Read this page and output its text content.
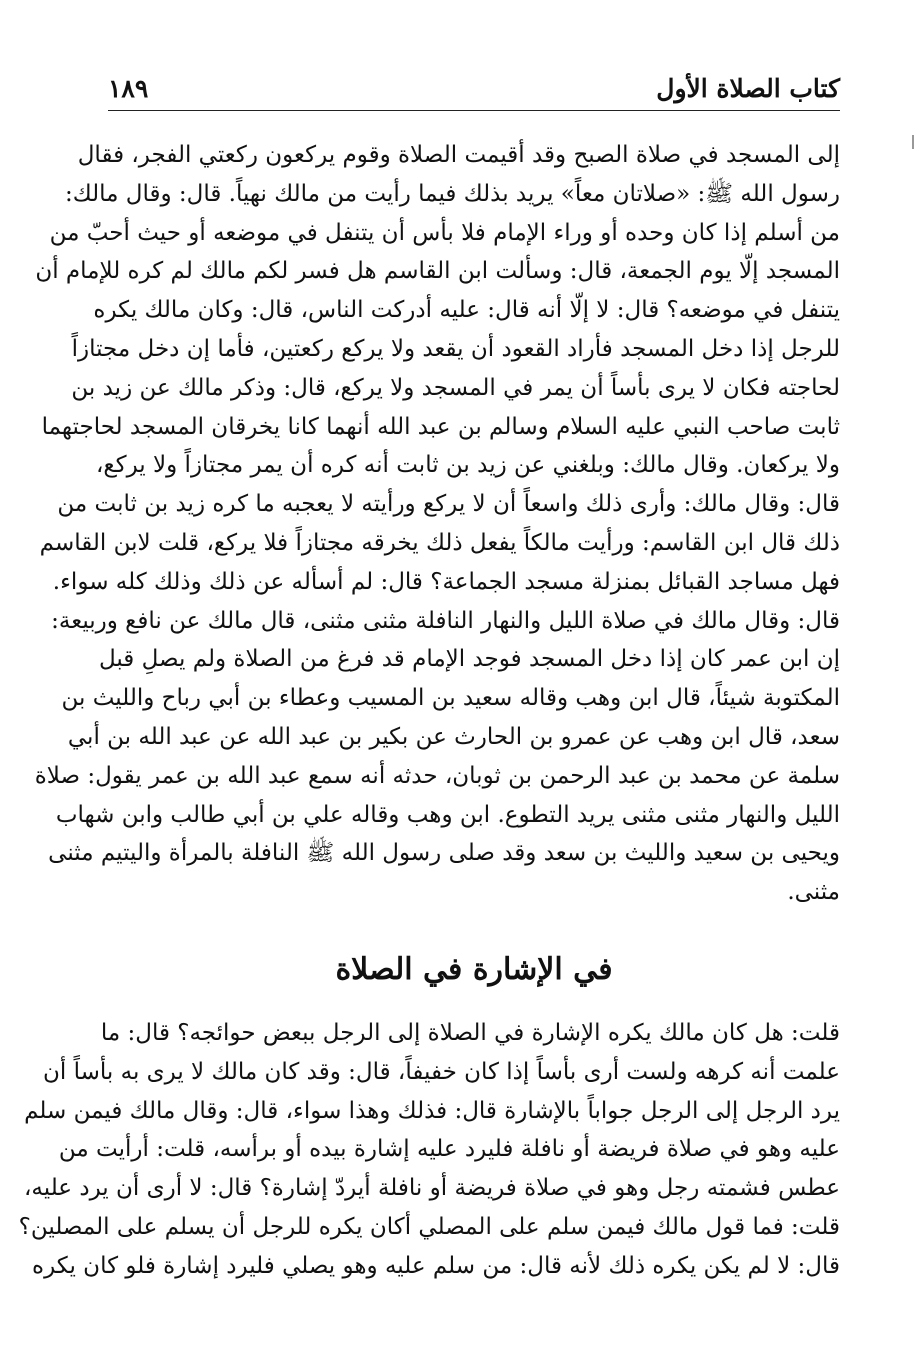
كتاب الصلاة الأول
١٨٩
إلى المسجد في صلاة الصبح وقد أقيمت الصلاة وقوم يركعون ركعتي الفجر، فقال
رسول الله ﷺ: «صلاتان معاً» يريد بذلك فيما رأيت من مالك نهياً. قال: وقال مالك:
من أسلم إذا كان وحده أو وراء الإمام فلا بأس أن يتنفل في موضعه أو حيث أحبّ من
المسجد إلّا يوم الجمعة، قال: وسألت ابن القاسم هل فسر لكم مالك لم كره للإمام أن
يتنفل في موضعه؟ قال: لا إلّا أنه قال: عليه أدركت الناس، قال: وكان مالك يكره
للرجل إذا دخل المسجد فأراد القعود أن يقعد ولا يركع ركعتين، فأما إن دخل مجتازاً
لحاجته فكان لا يرى بأساً أن يمر في المسجد ولا يركع، قال: وذكر مالك عن زيد بن
ثابت صاحب النبي عليه السلام وسالم بن عبد الله أنهما كانا يخرقان المسجد لحاجتهما
ولا يركعان. وقال مالك: وبلغني عن زيد بن ثابت أنه كره أن يمر مجتازاً ولا يركع،
قال: وقال مالك: وأرى ذلك واسعاً أن لا يركع ورأيته لا يعجبه ما كره زيد بن ثابت من
ذلك قال ابن القاسم: ورأيت مالكاً يفعل ذلك يخرقه مجتازاً فلا يركع، قلت لابن القاسم
فهل مساجد القبائل بمنزلة مسجد الجماعة؟ قال: لم أسأله عن ذلك وذلك كله سواء.
قال: وقال مالك في صلاة الليل والنهار النافلة مثنى مثنى، قال مالك عن نافع وربيعة:
إن ابن عمر كان إذا دخل المسجد فوجد الإمام قد فرغ من الصلاة ولم يصلِ قبل
المكتوبة شيئاً، قال ابن وهب وقاله سعيد بن المسيب وعطاء بن أبي رباح والليث بن
سعد، قال ابن وهب عن عمرو بن الحارث عن بكير بن عبد الله عن عبد الله بن أبي
سلمة عن محمد بن عبد الرحمن بن ثوبان، حدثه أنه سمع عبد الله بن عمر يقول: صلاة
الليل والنهار مثنى مثنى يريد التطوع. ابن وهب وقاله علي بن أبي طالب وابن شهاب
ويحيى بن سعيد والليث بن سعد وقد صلى رسول الله ﷺ النافلة بالمرأة واليتيم مثنى
مثنى.
في الإشارة في الصلاة
قلت: هل كان مالك يكره الإشارة في الصلاة إلى الرجل ببعض حوائجه؟ قال: ما
علمت أنه كرهه ولست أرى بأساً إذا كان خفيفاً، قال: وقد كان مالك لا يرى به بأساً أن
يرد الرجل إلى الرجل جواباً بالإشارة قال: فذلك وهذا سواء، قال: وقال مالك فيمن سلم
عليه وهو في صلاة فريضة أو نافلة فليرد عليه إشارة بيده أو برأسه، قلت: أرأيت من
عطس فشمته رجل وهو في صلاة فريضة أو نافلة أيردّ إشارة؟ قال: لا أرى أن يرد عليه،
قلت: فما قول مالك فيمن سلم على المصلي أكان يكره للرجل أن يسلم على المصلين؟
قال: لا لم يكن يكره ذلك لأنه قال: من سلم عليه وهو يصلي فليرد إشارة فلو كان يكره
